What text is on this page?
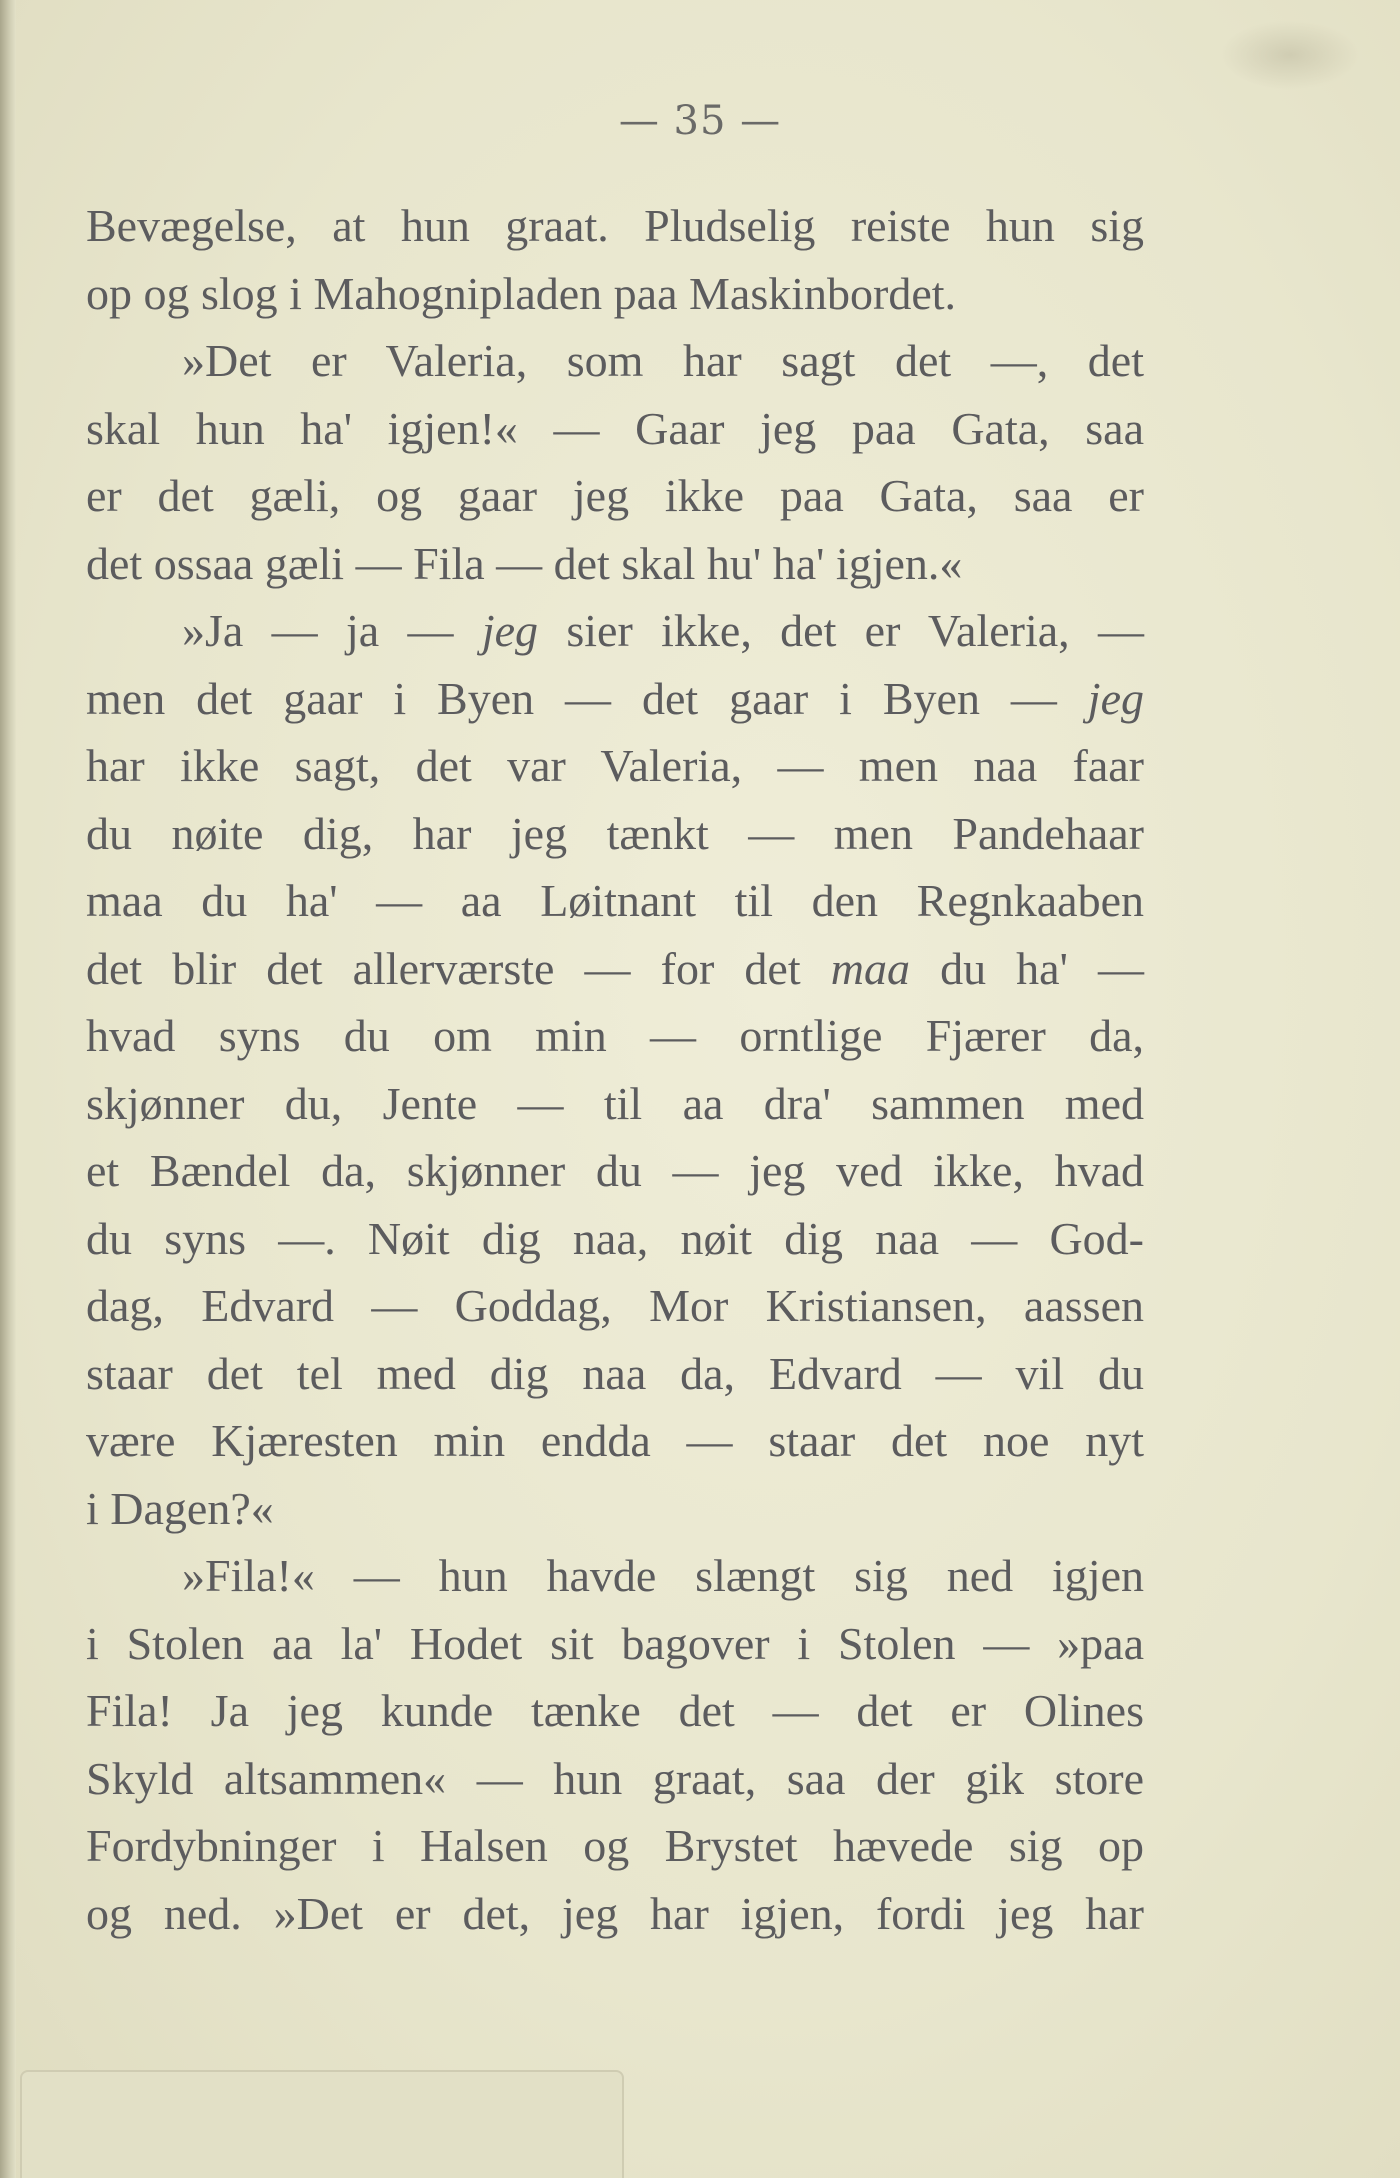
— 35 —
Bevægelse, at hun graat. Pludselig reiste hun sig
op og slog i Mahognipladen paa Maskinbordet.
»Det er Valeria, som har sagt det —, det
skal hun ha' igjen!« — Gaar jeg paa Gata, saa
er det gæli, og gaar jeg ikke paa Gata, saa er
det ossaa gæli — Fila — det skal hu' ha' igjen.«
»Ja — ja — jeg sier ikke, det er Valeria, —
men det gaar i Byen — det gaar i Byen — jeg
har ikke sagt, det var Valeria, — men naa faar
du nøite dig, har jeg tænkt — men Pandehaar
maa du ha' — aa Løitnant til den Regnkaaben
det blir det allerværste — for det maa du ha' —
hvad syns du om min — orntlige Fjærer da,
skjønner du, Jente — til aa dra' sammen med
et Bændel da, skjønner du — jeg ved ikke, hvad
du syns —. Nøit dig naa, nøit dig naa — God-
dag, Edvard — Goddag, Mor Kristiansen, aassen
staar det tel med dig naa da, Edvard — vil du
være Kjæresten min endda — staar det noe nyt
i Dagen?«
»Fila!« — hun havde slængt sig ned igjen
i Stolen aa la' Hodet sit bagover i Stolen — »paa
Fila! Ja jeg kunde tænke det — det er Olines
Skyld altsammen« — hun graat, saa der gik store
Fordybninger i Halsen og Brystet hævede sig op
og ned. »Det er det, jeg har igjen, fordi jeg har
